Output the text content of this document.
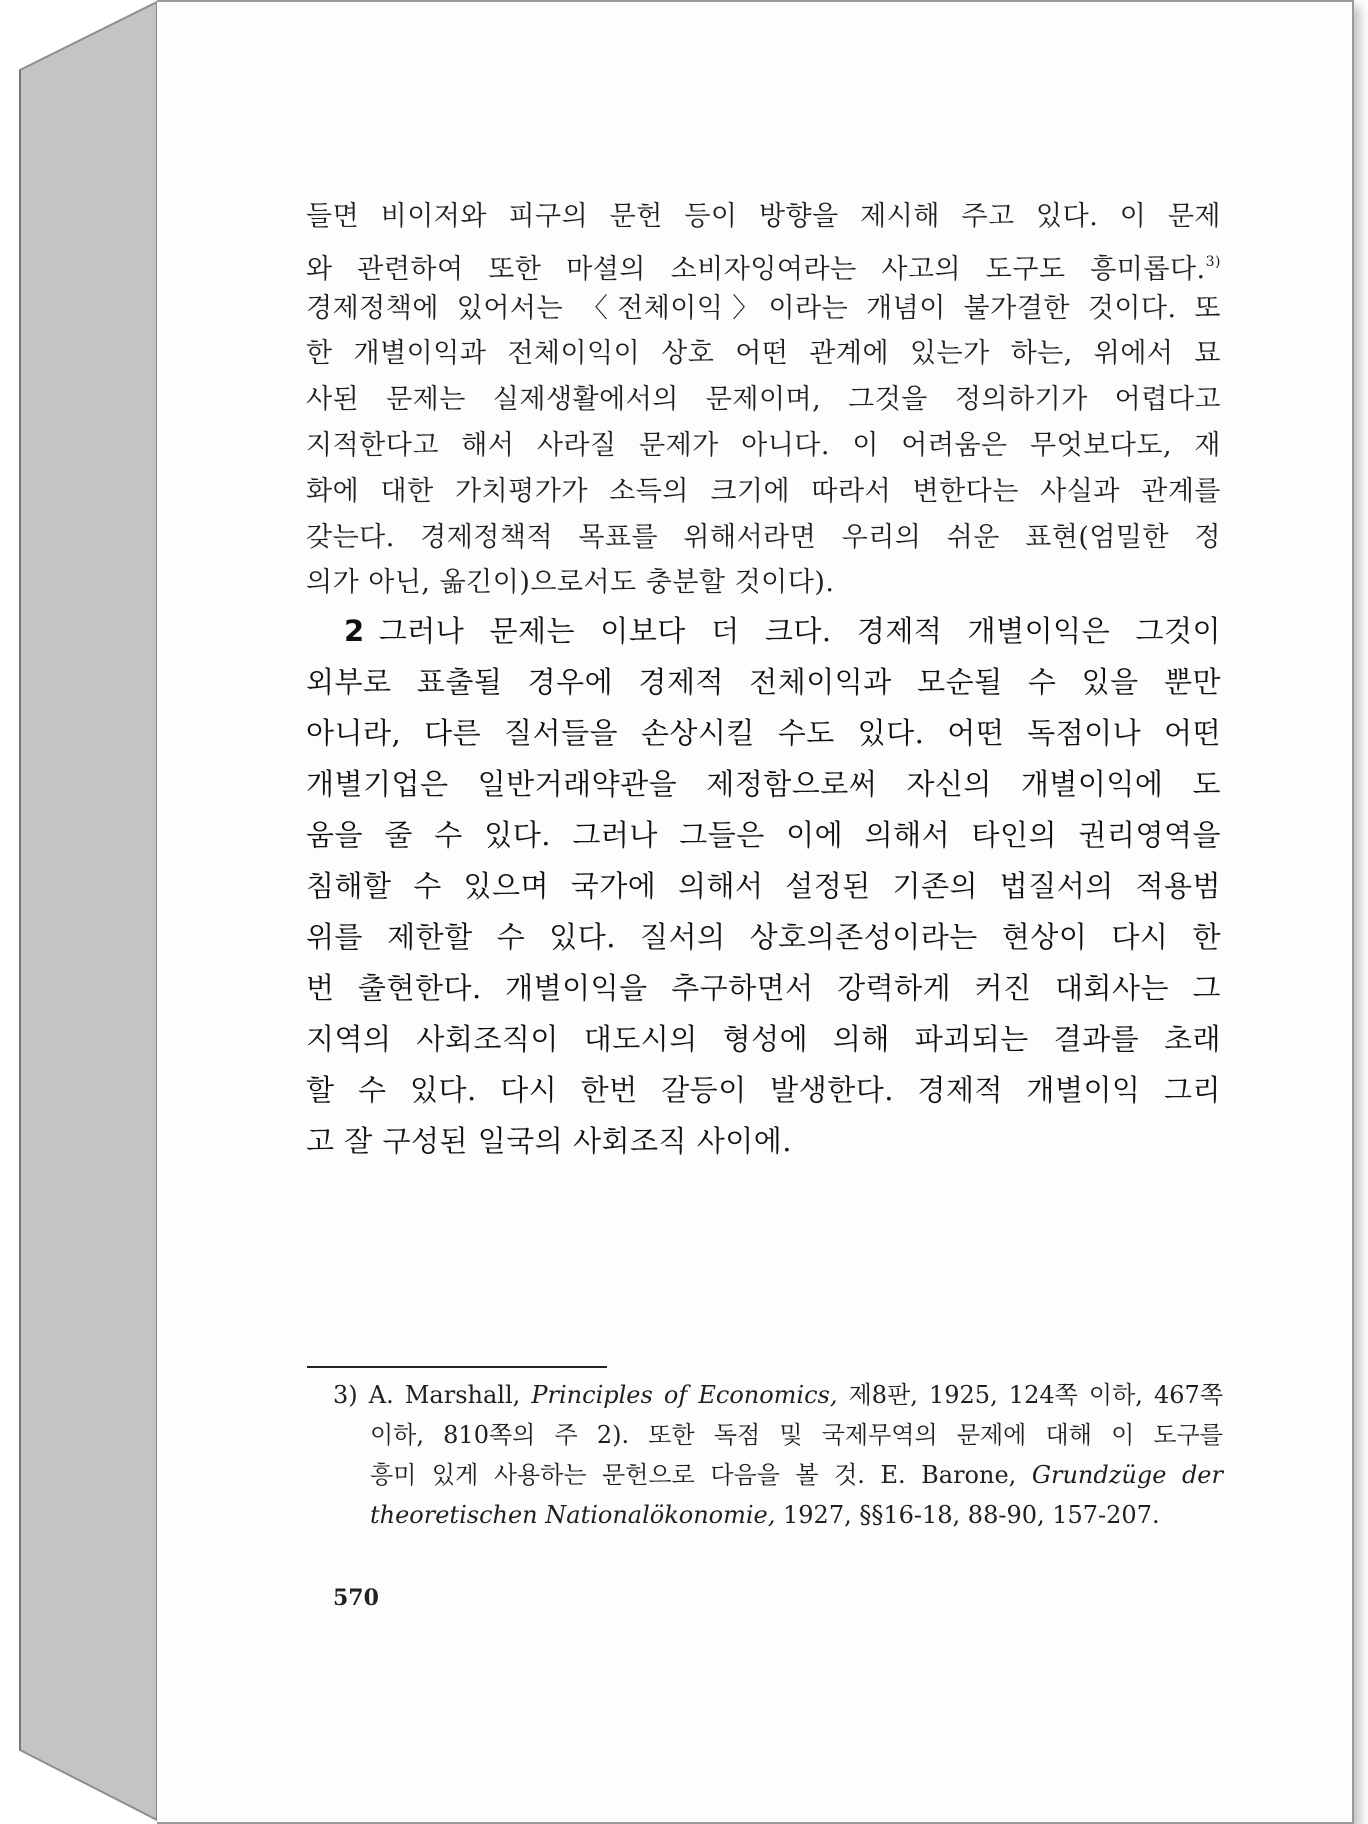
들면 비이저와 피구의 문헌 등이 방향을 제시해 주고 있다. 이 문제
와 관련하여 또한 마셜의 소비자잉여라는 사고의 도구도 흥미롭다.$^{3)}$
경제정책에 있어서는 〈전체이익〉이라는 개념이 불가결한 것이다. 또
한 개별이익과 전체이익이 상호 어떤 관계에 있는가 하는, 위에서 묘
사된 문제는 실제생활에서의 문제이며, 그것을 정의하기가 어렵다고
지적한다고 해서 사라질 문제가 아니다. 이 어려움은 무엇보다도, 재
화에 대한 가치평가가 소득의 크기에 따라서 변한다는 사실과 관계를
갖는다. 경제정책적 목표를 위해서라면 우리의 쉬운 표현(엄밀한 정
의가 아닌, 옮긴이)으로서도 충분할 것이다).
2 그러나 문제는 이보다 더 크다. 경제적 개별이익은 그것이
외부로 표출될 경우에 경제적 전체이익과 모순될 수 있을 뿐만
아니라, 다른 질서들을 손상시킬 수도 있다. 어떤 독점이나 어떤
개별기업은 일반거래약관을 제정함으로써 자신의 개별이익에 도
움을 줄 수 있다. 그러나 그들은 이에 의해서 타인의 권리영역을
침해할 수 있으며 국가에 의해서 설정된 기존의 법질서의 적용범
위를 제한할 수 있다. 질서의 상호의존성이라는 현상이 다시 한
번 출현한다. 개별이익을 추구하면서 강력하게 커진 대회사는 그
지역의 사회조직이 대도시의 형성에 의해 파괴되는 결과를 초래
할 수 있다. 다시 한번 갈등이 발생한다. 경제적 개별이익 그리
고 잘 구성된 일국의 사회조직 사이에.
3) A. Marshall, Principles of Economics, 제8판, 1925, 124쪽 이하, 467쪽
이하, 810쪽의 주 2). 또한 독점 및 국제무역의 문제에 대해 이 도구를
흥미 있게 사용하는 문헌으로 다음을 볼 것. E. Barone, Grundzüge der
theoretischen Nationalökonomie, 1927, §§16-18, 88-90, 157-207.
570
